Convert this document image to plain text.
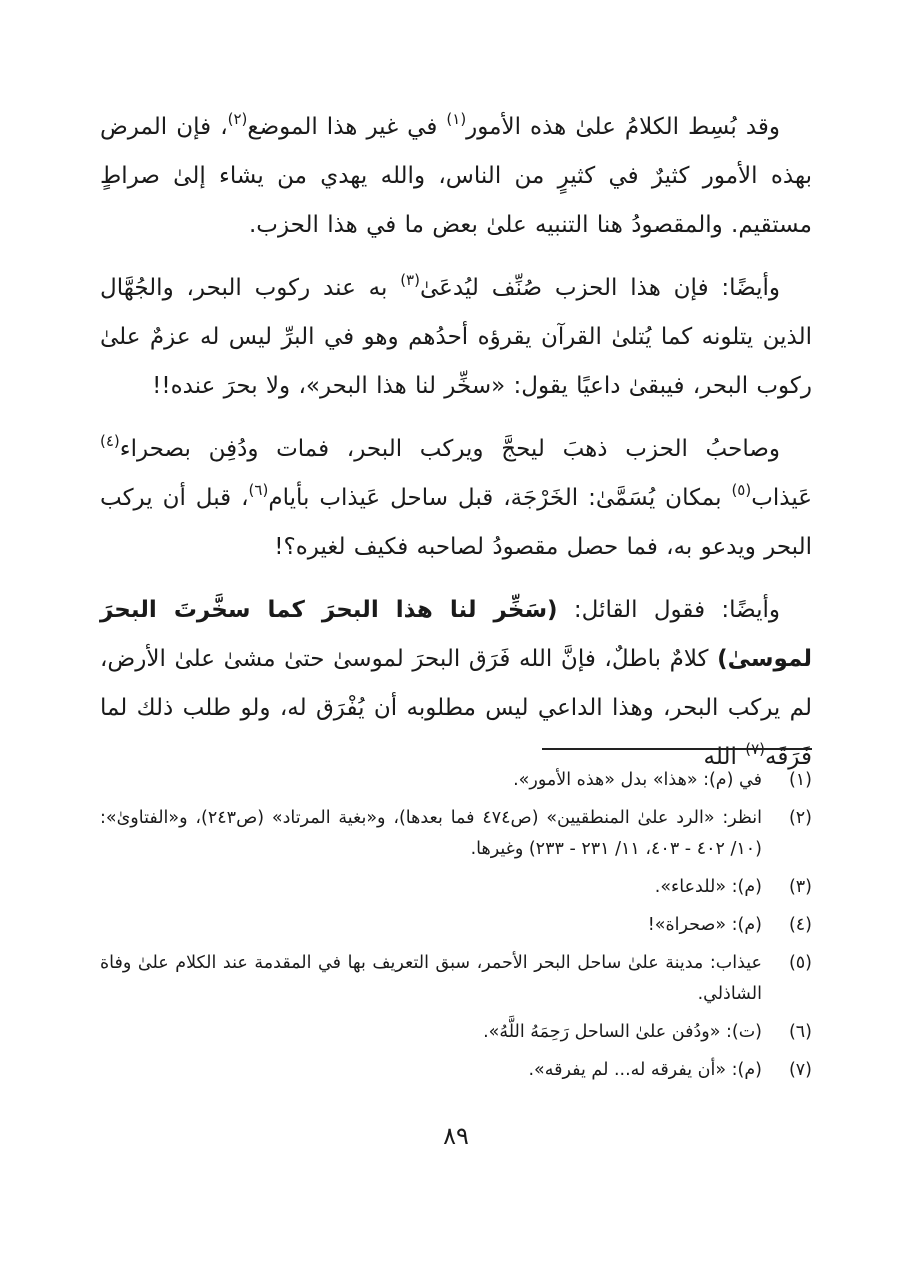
وقد بُسِط الكلامُ علىٰ هذه الأمور$^{(١)}$ في غير هذا الموضع$^{(٢)}$، فإن المرض بهذه الأمور كثيرٌ في كثيرٍ من الناس، والله يهدي من يشاء إلىٰ صراطٍ مستقيم. والمقصودُ هنا التنبيه علىٰ بعض ما في هذا الحزب.

وأيضًا: فإن هذا الحزب صُنِّف ليُدعَىٰ$^{(٣)}$ به عند ركوب البحر، والجُهَّال الذين يتلونه كما يُتلىٰ القرآن يقرؤه أحدُهم وهو في البرِّ ليس له عزمٌ علىٰ ركوب البحر، فيبقىٰ داعيًا يقول: «سخِّر لنا هذا البحر»، ولا بحرَ عنده!!

وصاحبُ الحزب ذهبَ ليحجَّ ويركب البحر، فمات ودُفِن بصحراء$^{(٤)}$ عَيذاب$^{(٥)}$ بمكان يُسَمَّىٰ: الخَرْجَة، قبل ساحل عَيذاب بأيام$^{(٦)}$، قبل أن يركب البحر ويدعو به، فما حصل مقصودُ لصاحبه فكيف لغيره؟!

وأيضًا: فقول القائل: (سَخِّر لنا هذا البحرَ كما سخَّرتَ البحرَ لموسىٰ) كلامٌ باطلٌ، فإنَّ الله فَرَق البحرَ لموسىٰ حتىٰ مشىٰ علىٰ الأرض، لم يركب البحر، وهذا الداعي ليس مطلوبه أن يُفْرَق له، ولو طلب ذلك لما فَرَقَه$^{(٧)}$ الله

(١)
في (م): «هذا» بدل «هذه الأمور».
(٢)
انظر: «الرد علىٰ المنطقيين» (ص٤٧٤ فما بعدها)، و«بغية المرتاد» (ص٢٤٣)، و«الفتاوىٰ»: (١٠/ ٤٠٢ - ٤٠٣، ١١/ ٢٣١ - ٢٣٣) وغيرها.
(٣)
(م): «للدعاء».
(٤)
(م): «صحراة»!
(٥)
عيذاب: مدينة علىٰ ساحل البحر الأحمر، سبق التعريف بها في المقدمة عند الكلام علىٰ وفاة الشاذلي.
(٦)
(ت): «ودُفن علىٰ الساحل رَحِمَهُ اللَّهُ».
(٧)
(م): «أن يفرقه له... لم يفرقه».
٨٩
